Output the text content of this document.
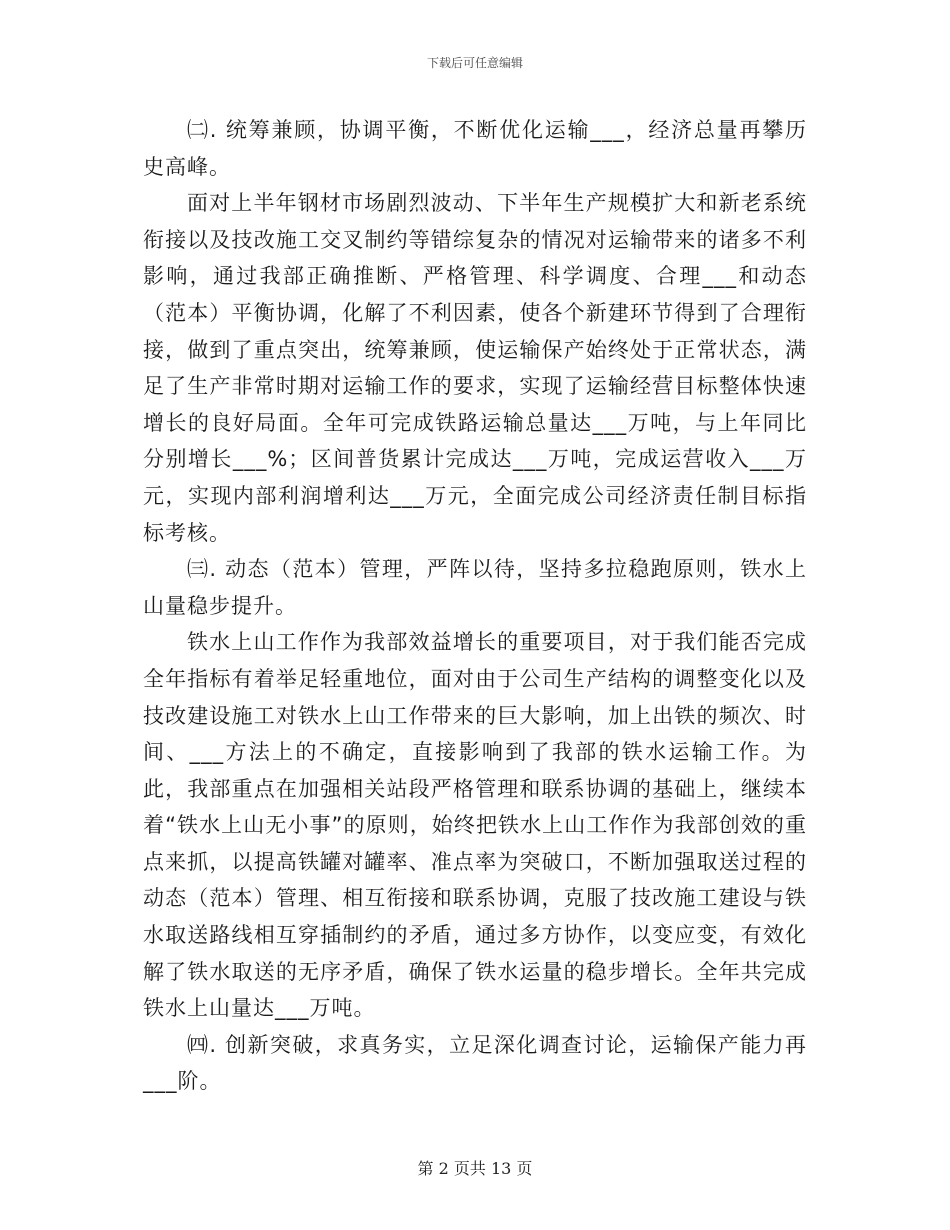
下载后可任意编辑

㈡. 统筹兼顾，协调平衡，不断优化运输___，经济总量再攀历史高峰。

面对上半年钢材市场剧烈波动、下半年生产规模扩大和新老系统衔接以及技改施工交叉制约等错综复杂的情况对运输带来的诸多不利影响，通过我部正确推断、严格管理、科学调度、合理___和动态（范本）平衡协调，化解了不利因素，使各个新建环节得到了合理衔接，做到了重点突出，统筹兼顾，使运输保产始终处于正常状态，满足了生产非常时期对运输工作的要求，实现了运输经营目标整体快速增长的良好局面。全年可完成铁路运输总量达___万吨，与上年同比分别增长___%；区间普货累计完成达___万吨，完成运营收入___万元，实现内部利润增利达___万元，全面完成公司经济责任制目标指标考核。

㈢. 动态（范本）管理，严阵以待，坚持多拉稳跑原则，铁水上山量稳步提升。

铁水上山工作作为我部效益增长的重要项目，对于我们能否完成全年指标有着举足轻重地位，面对由于公司生产结构的调整变化以及技改建设施工对铁水上山工作带来的巨大影响，加上出铁的频次、时间、___方法上的不确定，直接影响到了我部的铁水运输工作。为此，我部重点在加强相关站段严格管理和联系协调的基础上，继续本着“铁水上山无小事”的原则，始终把铁水上山工作作为我部创效的重点来抓，以提高铁罐对罐率、准点率为突破口，不断加强取送过程的动态（范本）管理、相互衔接和联系协调，克服了技改施工建设与铁水取送路线相互穿插制约的矛盾，通过多方协作，以变应变，有效化解了铁水取送的无序矛盾，确保了铁水运量的稳步增长。全年共完成铁水上山量达___万吨。

㈣. 创新突破，求真务实，立足深化调查讨论，运输保产能力再___阶。

第 2 页共 13 页
